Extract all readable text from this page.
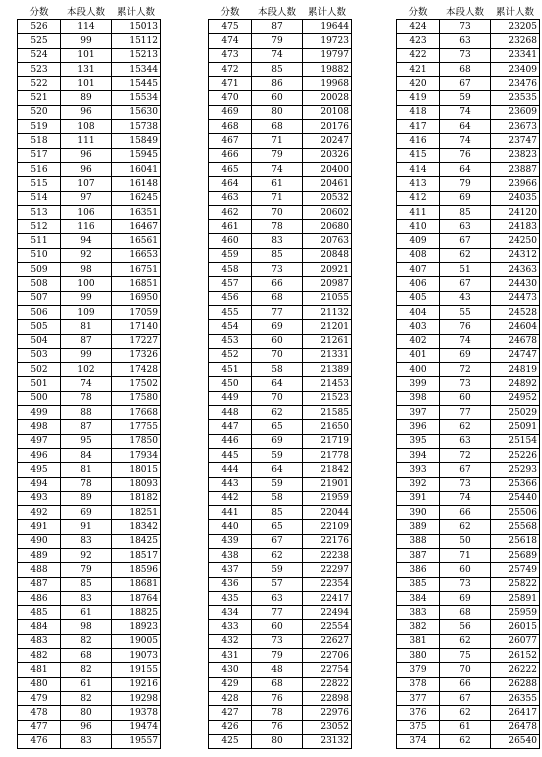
分数	本段人数	累计人数
526	114	15013
525	99	15112
524	101	15213
523	131	15344
522	101	15445
521	89	15534
520	96	15630
519	108	15738
518	111	15849
517	96	15945
516	96	16041
515	107	16148
514	97	16245
513	106	16351
512	116	16467
511	94	16561
510	92	16653
509	98	16751
508	100	16851
507	99	16950
506	109	17059
505	81	17140
504	87	17227
503	99	17326
502	102	17428
501	74	17502
500	78	17580
499	88	17668
498	87	17755
497	95	17850
496	84	17934
495	81	18015
494	78	18093
493	89	18182
492	69	18251
491	91	18342
490	83	18425
489	92	18517
488	79	18596
487	85	18681
486	83	18764
485	61	18825
484	98	18923
483	82	19005
482	68	19073
481	82	19155
480	61	19216
479	82	19298
478	80	19378
477	96	19474
476	83	19557
分数	本段人数	累计人数
475	87	19644
474	79	19723
473	74	19797
472	85	19882
471	86	19968
470	60	20028
469	80	20108
468	68	20176
467	71	20247
466	79	20326
465	74	20400
464	61	20461
463	71	20532
462	70	20602
461	78	20680
460	83	20763
459	85	20848
458	73	20921
457	66	20987
456	68	21055
455	77	21132
454	69	21201
453	60	21261
452	70	21331
451	58	21389
450	64	21453
449	70	21523
448	62	21585
447	65	21650
446	69	21719
445	59	21778
444	64	21842
443	59	21901
442	58	21959
441	85	22044
440	65	22109
439	67	22176
438	62	22238
437	59	22297
436	57	22354
435	63	22417
434	77	22494
433	60	22554
432	73	22627
431	79	22706
430	48	22754
429	68	22822
428	76	22898
427	78	22976
426	76	23052
425	80	23132
分数	本段人数	累计人数
424	73	23205
423	63	23268
422	73	23341
421	68	23409
420	67	23476
419	59	23535
418	74	23609
417	64	23673
416	74	23747
415	76	23823
414	64	23887
413	79	23966
412	69	24035
411	85	24120
410	63	24183
409	67	24250
408	62	24312
407	51	24363
406	67	24430
405	43	24473
404	55	24528
403	76	24604
402	74	24678
401	69	24747
400	72	24819
399	73	24892
398	60	24952
397	77	25029
396	62	25091
395	63	25154
394	72	25226
393	67	25293
392	73	25366
391	74	25440
390	66	25506
389	62	25568
388	50	25618
387	71	25689
386	60	25749
385	73	25822
384	69	25891
383	68	25959
382	56	26015
381	62	26077
380	75	26152
379	70	26222
378	66	26288
377	67	26355
376	62	26417
375	61	26478
374	62	26540
